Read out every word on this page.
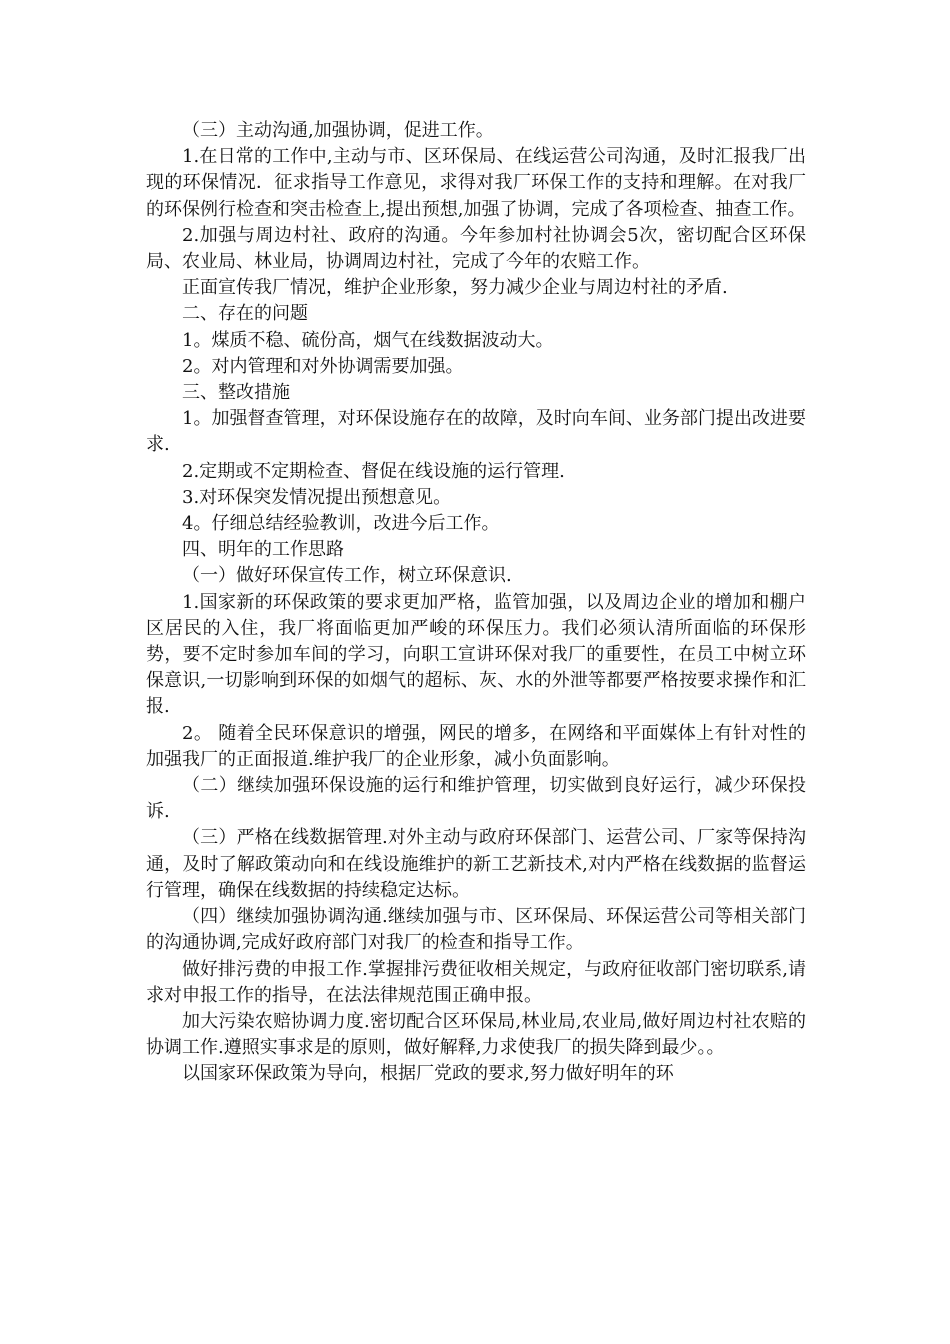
（三）主动沟通,加强协调，促进工作。

1.在日常的工作中,主动与市、区环保局、在线运营公司沟通，及时汇报我厂出现的环保情况．征求指导工作意见，求得对我厂环保工作的支持和理解。在对我厂的环保例行检查和突击检查上,提出预想,加强了协调，完成了各项检查、抽查工作。

2.加强与周边村社、政府的沟通。今年参加村社协调会5次，密切配合区环保局、农业局、林业局，协调周边村社，完成了今年的农赔工作。

正面宣传我厂情况，维护企业形象，努力减少企业与周边村社的矛盾.

二、存在的问题

1。煤质不稳、硫份高，烟气在线数据波动大。

2。对内管理和对外协调需要加强。

三、整改措施

1。加强督查管理，对环保设施存在的故障，及时向车间、业务部门提出改进要求.

2.定期或不定期检查、督促在线设施的运行管理.

3.对环保突发情况提出预想意见。

4。仔细总结经验教训，改进今后工作。

四、明年的工作思路

（一）做好环保宣传工作，树立环保意识.

1.国家新的环保政策的要求更加严格，监管加强，以及周边企业的增加和棚户区居民的入住，我厂将面临更加严峻的环保压力。我们必须认清所面临的环保形势，要不定时参加车间的学习，向职工宣讲环保对我厂的重要性，在员工中树立环保意识,一切影响到环保的如烟气的超标、灰、水的外泄等都要严格按要求操作和汇报.

2。 随着全民环保意识的增强，网民的增多，在网络和平面媒体上有针对性的加强我厂的正面报道.维护我厂的企业形象，减小负面影响。

（二）继续加强环保设施的运行和维护管理，切实做到良好运行，减少环保投诉.

（三）严格在线数据管理.对外主动与政府环保部门、运营公司、厂家等保持沟通，及时了解政策动向和在线设施维护的新工艺新技术,对内严格在线数据的监督运行管理，确保在线数据的持续稳定达标。

（四）继续加强协调沟通.继续加强与市、区环保局、环保运营公司等相关部门的沟通协调,完成好政府部门对我厂的检查和指导工作。

做好排污费的申报工作.掌握排污费征收相关规定，与政府征收部门密切联系,请求对申报工作的指导，在法法律规范围正确申报。

加大污染农赔协调力度.密切配合区环保局,林业局,农业局,做好周边村社农赔的协调工作.遵照实事求是的原则，做好解释,力求使我厂的损失降到最少。。

以国家环保政策为导向，根据厂党政的要求,努力做好明年的环
